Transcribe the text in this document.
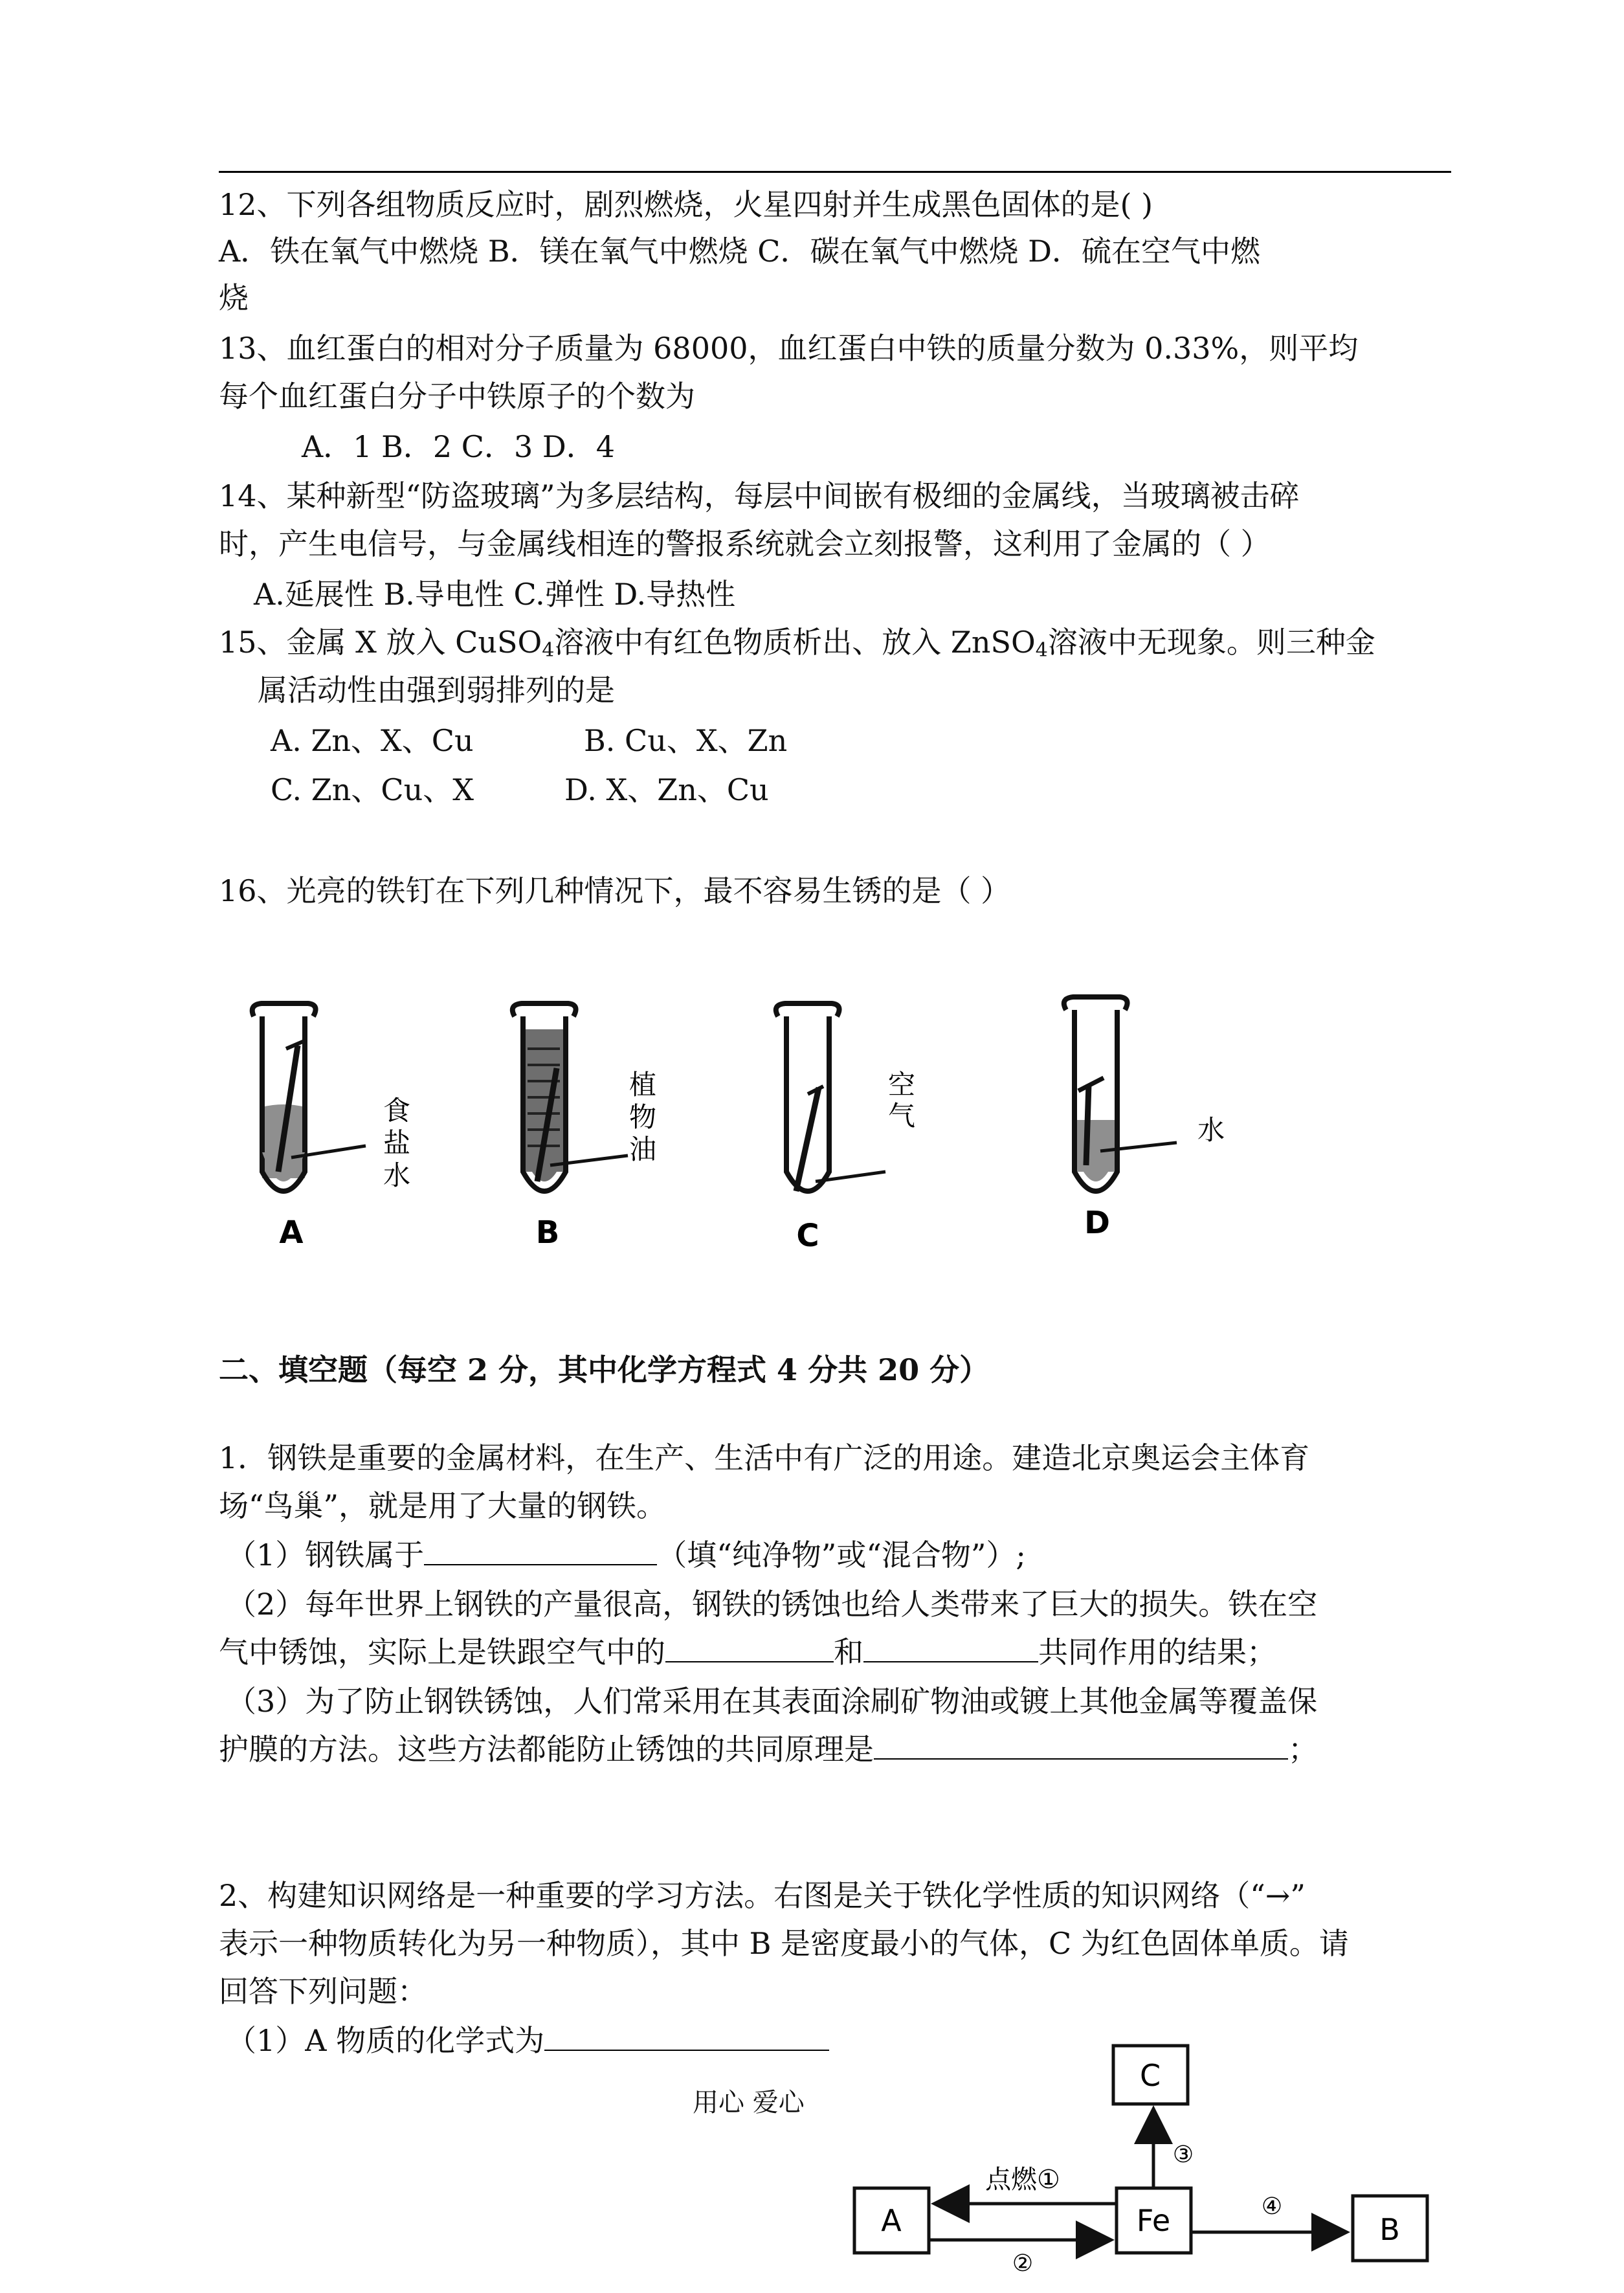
12、下列各组物质反应时，剧烈燃烧，火星四射并生成黑色固体的是( )
A．铁在氧气中燃烧 B．镁在氧气中燃烧 C．碳在氧气中燃烧 D．硫在空气中燃
烧
13、血红蛋白的相对分子质量为 68000，血红蛋白中铁的质量分数为 0.33%，则平均
每个血红蛋白分子中铁原子的个数为
A．1 B．2 C．3 D．4
14、某种新型“防盗玻璃”为多层结构，每层中间嵌有极细的金属线，当玻璃被击碎
时，产生电信号，与金属线相连的警报系统就会立刻报警，这利用了金属的（ ）
A.延展性 B.导电性 C.弹性 D.导热性
15、金属 X 放入 CuSO$_4$溶液中有红色物质析出、放入 ZnSO$_4$溶液中无现象。则三种金
属活动性由强到弱排列的是
A. Zn、X、Cu	B. Cu、X、Zn
C. Zn、Cu、X	D. X、Zn、Cu
16、光亮的铁钉在下列几种情况下，最不容易生锈的是（ ）
A
食
盐
水
B
植
物
油
C
空
气
D
水
二、填空题（每空 2 分，其中化学方程式 4 分共 20 分）
1．钢铁是重要的金属材料，在生产、生活中有广泛的用途。建造北京奥运会主体育
场“鸟巢”，就是用了大量的钢铁。
（1）钢铁属于	（填“纯净物”或“混合物”）;
（2）每年世界上钢铁的产量很高，钢铁的锈蚀也给人类带来了巨大的损失。铁在空
气中锈蚀，实际上是铁跟空气中的	和	共同作用的结果；
（3）为了防止钢铁锈蚀，人们常采用在其表面涂刷矿物油或镀上其他金属等覆盖保
护膜的方法。这些方法都能防止锈蚀的共同原理是	；
2、构建知识网络是一种重要的学习方法。右图是关于铁化学性质的知识网络（“→”
表示一种物质转化为另一种物质），其中 B 是密度最小的气体，C 为红色固体单质。请
回答下列问题：
（1）A 物质的化学式为
用心 爱心
C
Fe
A	B
③
点燃①
②
④
